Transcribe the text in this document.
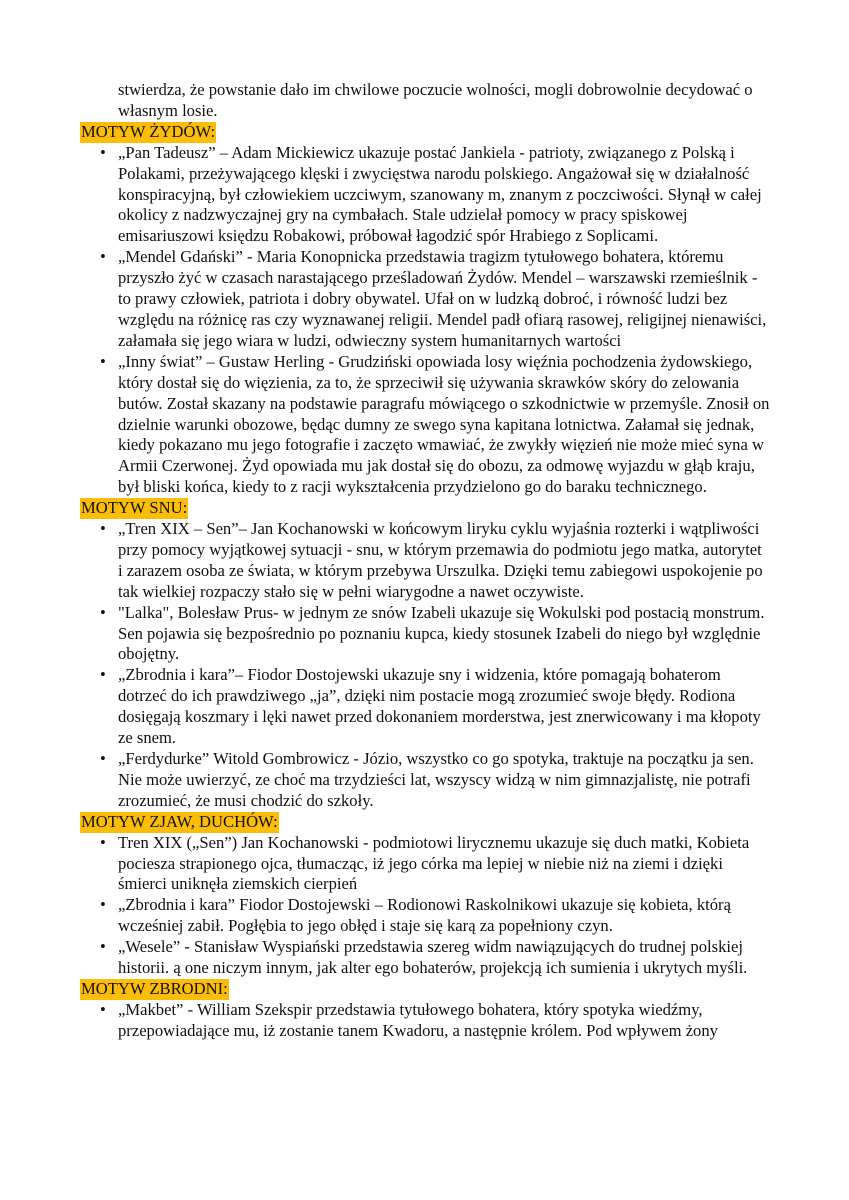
stwierdza, że powstanie dało im chwilowe poczucie wolności, mogli dobrowolnie decydować o własnym losie.
MOTYW ŻYDÓW:
• „Pan Tadeusz” – Adam Mickiewicz ukazuje postać Jankiela - patrioty, związanego z Polską i Polakami, przeżywającego klęski i zwycięstwa narodu polskiego. Angażował się w działalność konspiracyjną, był człowiekiem uczciwym, szanowany m, znanym z poczciwości. Słynął w całej okolicy z nadzwyczajnej gry na cymbałach. Stale udzielał pomocy w pracy spiskowej emisariuszowi księdzu Robakowi, próbował łagodzić spór Hrabiego z Soplicami.
• „Mendel Gdański” - Maria Konopnicka przedstawia tragizm tytułowego bohatera, któremu przyszło żyć w czasach narastającego prześladowań Żydów. Mendel – warszawski rzemieślnik - to prawy człowiek, patriota i dobry obywatel. Ufał on w ludzką dobroć, i równość ludzi bez względu na różnicę ras czy wyznawanej religii. Mendel padł ofiarą rasowej, religijnej nienawiści, załamała się jego wiara w ludzi, odwieczny system humanitarnych wartości
• „Inny świat” – Gustaw Herling - Grudziński opowiada losy więźnia pochodzenia żydowskiego, który dostał się do więzienia, za to, że sprzeciwił się używania skrawków skóry do zelowania butów. Został skazany na podstawie paragrafu mówiącego o szkodnictwie w przemyśle. Znosił on dzielnie warunki obozowe, będąc dumny ze swego syna kapitana lotnictwa. Załamał się jednak, kiedy pokazano mu jego fotografie i zaczęto wmawiać, że zwykły więzień nie może mieć syna w Armii Czerwonej. Żyd opowiada mu jak dostał się do obozu, za odmowę wyjazdu w głąb kraju, był bliski końca, kiedy to z racji wykształcenia przydzielono go do baraku technicznego.
MOTYW SNU:
• „Tren XIX – Sen”– Jan Kochanowski w końcowym liryku cyklu wyjaśnia rozterki i wątpliwości przy pomocy wyjątkowej sytuacji - snu, w którym przemawia do podmiotu jego matka, autorytet i zarazem osoba ze świata, w którym przebywa Urszulka. Dzięki temu zabiegowi uspokojenie po tak wielkiej rozpaczy stało się w pełni wiarygodne a nawet oczywiste.
• "Lalka", Bolesław Prus- w jednym ze snów Izabeli ukazuje się Wokulski pod postacią monstrum. Sen pojawia się bezpośrednio po poznaniu kupca, kiedy stosunek Izabeli do niego był względnie obojętny.
• „Zbrodnia i kara”– Fiodor Dostojewski ukazuje sny i widzenia, które pomagają bohaterom dotrzeć do ich prawdziwego „ja”, dzięki nim postacie mogą zrozumieć swoje błędy. Rodiona dosięgają koszmary i lęki nawet przed dokonaniem morderstwa, jest znerwicowany i ma kłopoty ze snem.
• „Ferdydurke” Witold Gombrowicz - Józio, wszystko co go spotyka, traktuje na początku ja sen. Nie może uwierzyć, ze choć ma trzydzieści lat, wszyscy widzą w nim gimnazjalistę, nie potrafi zrozumieć, że musi chodzić do szkoły.
MOTYW ZJAW, DUCHÓW:
• Tren XIX („Sen”) Jan Kochanowski - podmiotowi lirycznemu ukazuje się duch matki, Kobieta pociesza strapionego ojca, tłumacząc, iż jego córka ma lepiej w niebie niż na ziemi i dzięki śmierci uniknęła ziemskich cierpień
• „Zbrodnia i kara” Fiodor Dostojewski – Rodionowi Raskolnikowi ukazuje się kobieta, którą wcześniej zabił. Pogłębia to jego obłęd i staje się karą za popełniony czyn.
• „Wesele” - Stanisław Wyspiański przedstawia szereg widm nawiązujących do trudnej polskiej historii. ą one niczym innym, jak alter ego bohaterów, projekcją ich sumienia i ukrytych myśli.
MOTYW ZBRODNI:
• „Makbet” - William Szekspir przedstawia tytułowego bohatera, który spotyka wiedźmy, przepowiadające mu, iż zostanie tanem Kwadoru, a następnie królem. Pod wpływem żony
